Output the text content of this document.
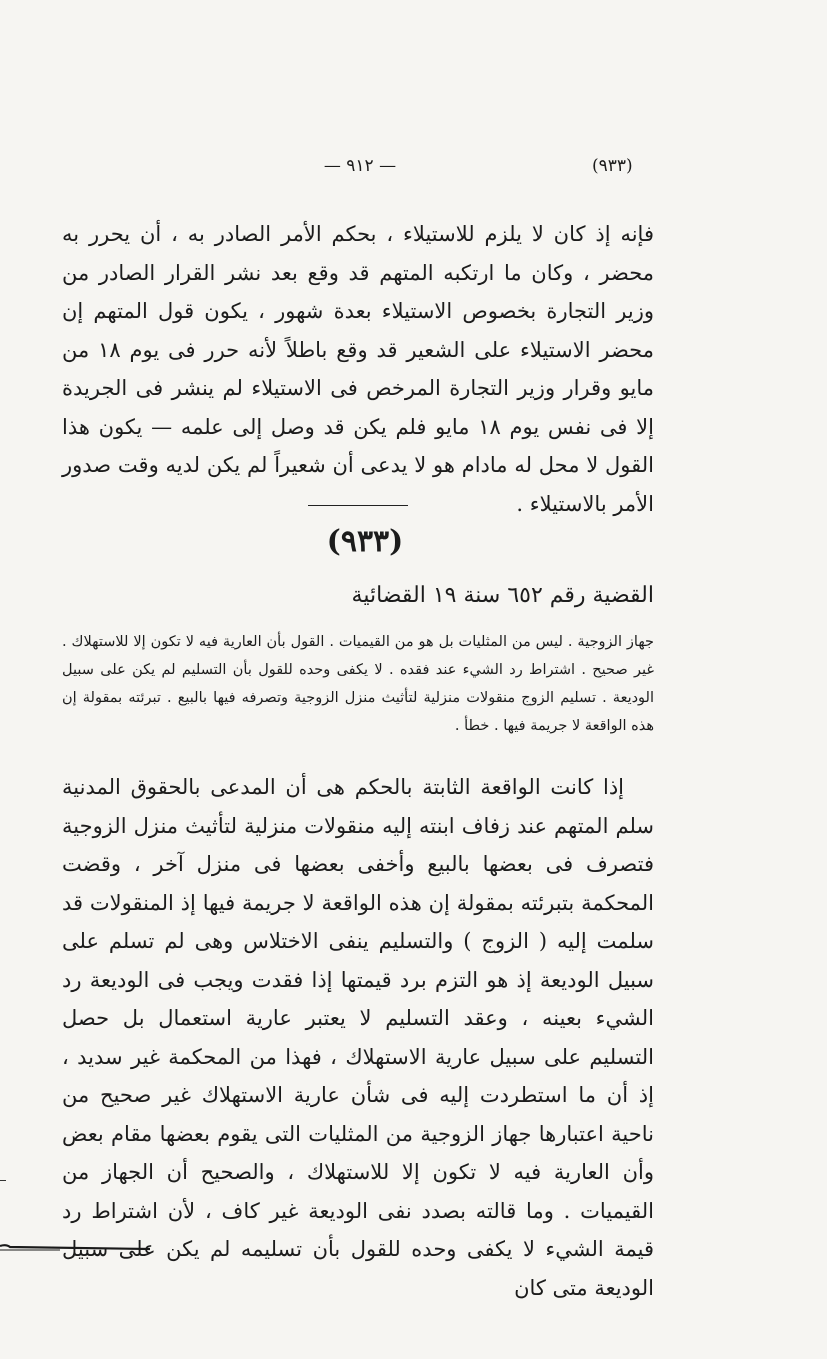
(٩٣٣)
— ٩١٢ —

فإنه إذ كان لا يلزم للاستيلاء ، بحكم الأمر الصادر به ، أن يحرر به محضر ، وكان ما ارتكبه المتهم قد وقع بعد نشر القرار الصادر من وزير التجارة بخصوص الاستيلاء بعدة شهور ، يكون قول المتهم إن محضر الاستيلاء على الشعير قد وقع باطلاً لأنه حرر فى يوم ١٨ من مايو وقرار وزير التجارة المرخص فى الاستيلاء لم ينشر فى الجريدة إلا فى نفس يوم ١٨ مايو فلم يكن قد وصل إلى علمه — يكون هذا القول لا محل له مادام هو لا يدعى أن شعيراً لم يكن لديه وقت صدور الأمر بالاستيلاء .

(٩٣٣)
القضية رقم ٦٥٢ سنة ١٩ القضائية

جهاز الزوجية . ليس من المثليات بل هو من القيميات . القول بأن العارية فيه لا تكون إلا للاستهلاك . غير صحيح . اشتراط رد الشيء عند فقده . لا يكفى وحده للقول بأن التسليم لم يكن على سبيل الوديعة . تسليم الزوج منقولات منزلية لتأثيث منزل الزوجية وتصرفه فيها بالبيع . تبرئته بمقولة إن هذه الواقعة لا جريمة فيها . خطأ .

إذا كانت الواقعة الثابتة بالحكم هى أن المدعى بالحقوق المدنية سلم المتهم عند زفاف ابنته إليه منقولات منزلية لتأثيث منزل الزوجية فتصرف فى بعضها بالبيع وأخفى بعضها فى منزل آخر ، وقضت المحكمة بتبرئته بمقولة إن هذه الواقعة لا جريمة فيها إذ المنقولات قد سلمت إليه ( الزوج ) والتسليم ينفى الاختلاس وهى لم تسلم على سبيل الوديعة إذ هو التزم برد قيمتها إذا فقدت ويجب فى الوديعة رد الشيء بعينه ، وعقد التسليم لا يعتبر عارية استعمال بل حصل التسليم على سبيل عارية الاستهلاك ، فهذا من المحكمة غير سديد ، إذ أن ما استطردت إليه فى شأن عارية الاستهلاك غير صحيح من ناحية اعتبارها جهاز الزوجية من المثليات التى يقوم بعضها مقام بعض وأن العارية فيه لا تكون إلا للاستهلاك ، والصحيح أن الجهاز من القيميات . وما قالته بصدد نفى الوديعة غير كاف ، لأن اشتراط رد قيمة الشيء لا يكفى وحده للقول بأن تسليمه لم يكن على سبيل الوديعة متى كان
